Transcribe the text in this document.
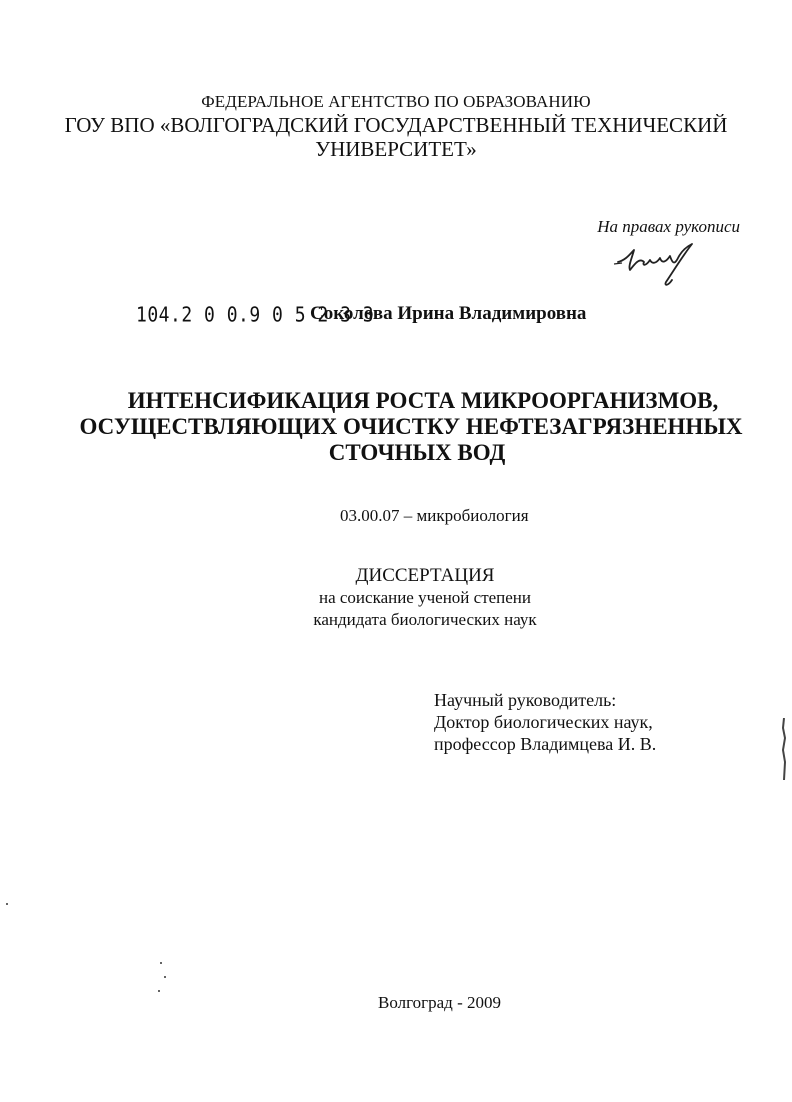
ФЕДЕРАЛЬНОЕ АГЕНТСТВО ПО ОБРАЗОВАНИЮ
ГОУ ВПО «ВОЛГОГРАДСКИЙ ГОСУДАРСТВЕННЫЙ ТЕХНИЧЕСКИЙ
УНИВЕРСИТЕТ»
На правах рукописи
104.2 0 0.9 0 5 2 3 3
Соколова Ирина Владимировна
ИНТЕНСИФИКАЦИЯ РОСТА МИКРООРГАНИЗМОВ,
ОСУЩЕСТВЛЯЮЩИХ ОЧИСТКУ НЕФТЕЗАГРЯЗНЕННЫХ
СТОЧНЫХ ВОД
03.00.07 – микробиология
ДИССЕРТАЦИЯ
на соискание ученой степени
кандидата биологических наук
Научный руководитель:
Доктор биологических наук,
профессор Владимцева И. В.
Волгоград - 2009
